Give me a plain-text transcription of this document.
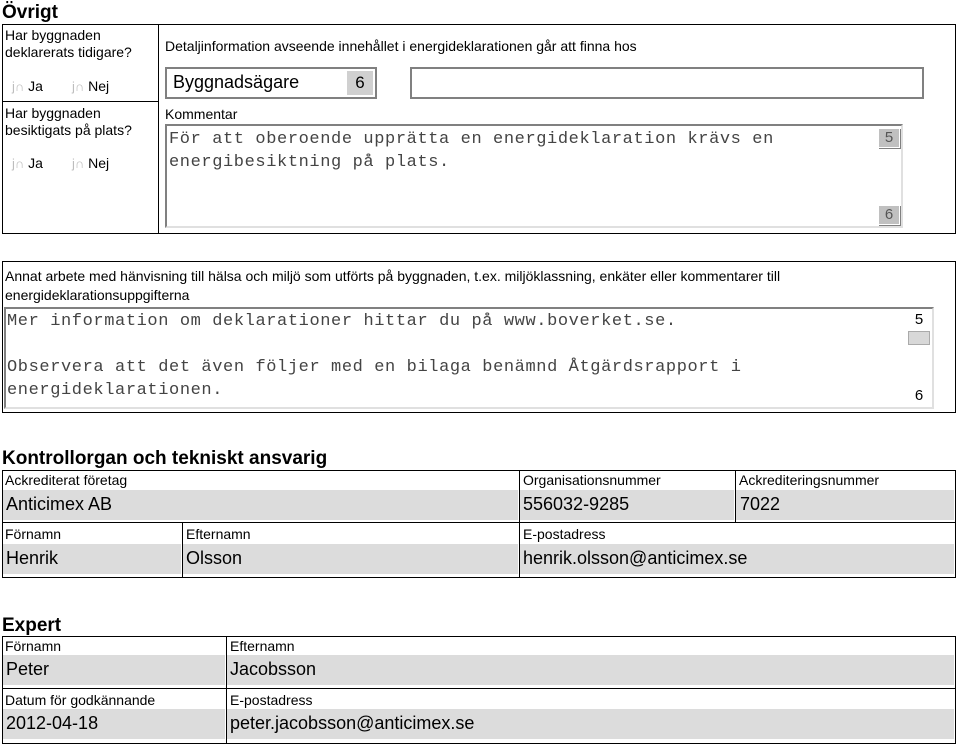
Övrigt
Har byggnaden deklarerats tidigare?
j∩ Ja j∩ Nej
Har byggnaden besiktigats på plats?
j∩ Ja j∩ Nej
Detaljinformation avseende innehållet i energideklarationen går att finna hos
Byggnadsägare	6
Kommentar
För att oberoende upprätta en energideklaration krävs en energibesiktning på plats.
5
6
Annat arbete med hänvisning till hälsa och miljö som utförts på byggnaden, t.ex. miljöklassning, enkäter eller kommentarer till energideklarationsuppgifterna
Mer information om deklarationer hittar du på www.boverket.se.
Observera att det även följer med en bilaga benämnd Åtgärdsrapport i energideklarationen.
5
6
Kontrollorgan och tekniskt ansvarig
Ackrediterat företag
Anticimex AB
Organisationsnummer
556032-9285
Ackrediteringsnummer
7022
Förnamn
Henrik
Efternamn
Olsson
E-postadress
henrik.olsson@anticimex.se
Expert
Förnamn
Peter
Efternamn
Jacobsson
Datum för godkännande
2012-04-18
E-postadress
peter.jacobsson@anticimex.se
